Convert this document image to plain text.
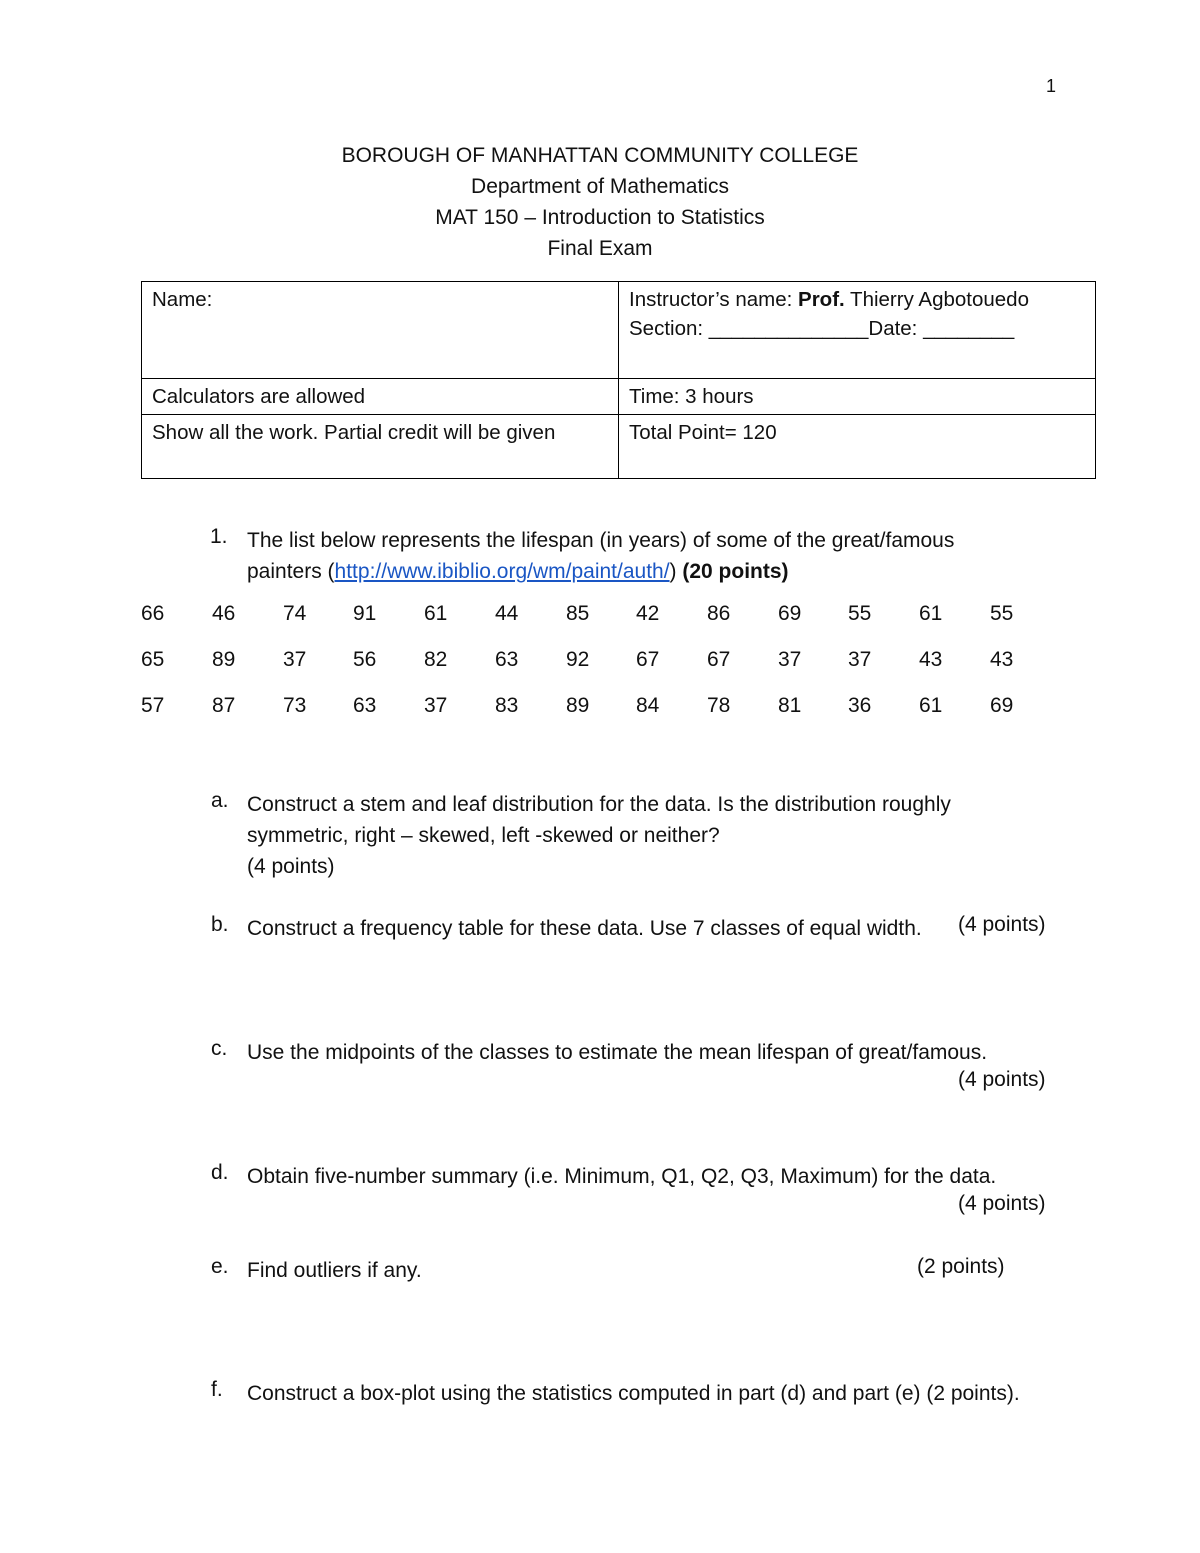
1
BOROUGH OF MANHATTAN COMMUNITY COLLEGE
Department of Mathematics
MAT 150 – Introduction to Statistics
Final Exam
Name:	Instructor’s name: Prof. Thierry Agbotouedo
Section: ______________Date: ________

Calculators are allowed	Time: 3 hours
Show all the work. Partial credit will be given	Total Point= 120
1. The list below represents the lifespan (in years) of some of the great/famous
painters (http://www.ibiblio.org/wm/paint/auth/) (20 points)
66	46	74	91	61	44	85	42	86	69	55	61	55
65	89	37	56	82	63	92	67	67	37	37	43	43
57	87	73	63	37	83	89	84	78	81	36	61	69
a. Construct a stem and leaf distribution for the data. Is the distribution roughly
symmetric, right – skewed, left -skewed or neither?
(4 points)
b. Construct a frequency table for these data. Use 7 classes of equal width.	(4 points)
c. Use the midpoints of the classes to estimate the mean lifespan of great/famous.
(4 points)
d. Obtain five-number summary (i.e. Minimum, Q1, Q2, Q3, Maximum) for the data.
(4 points)
e. Find outliers if any.	(2 points)
f. Construct a box-plot using the statistics computed in part (d) and part (e) (2 points).
